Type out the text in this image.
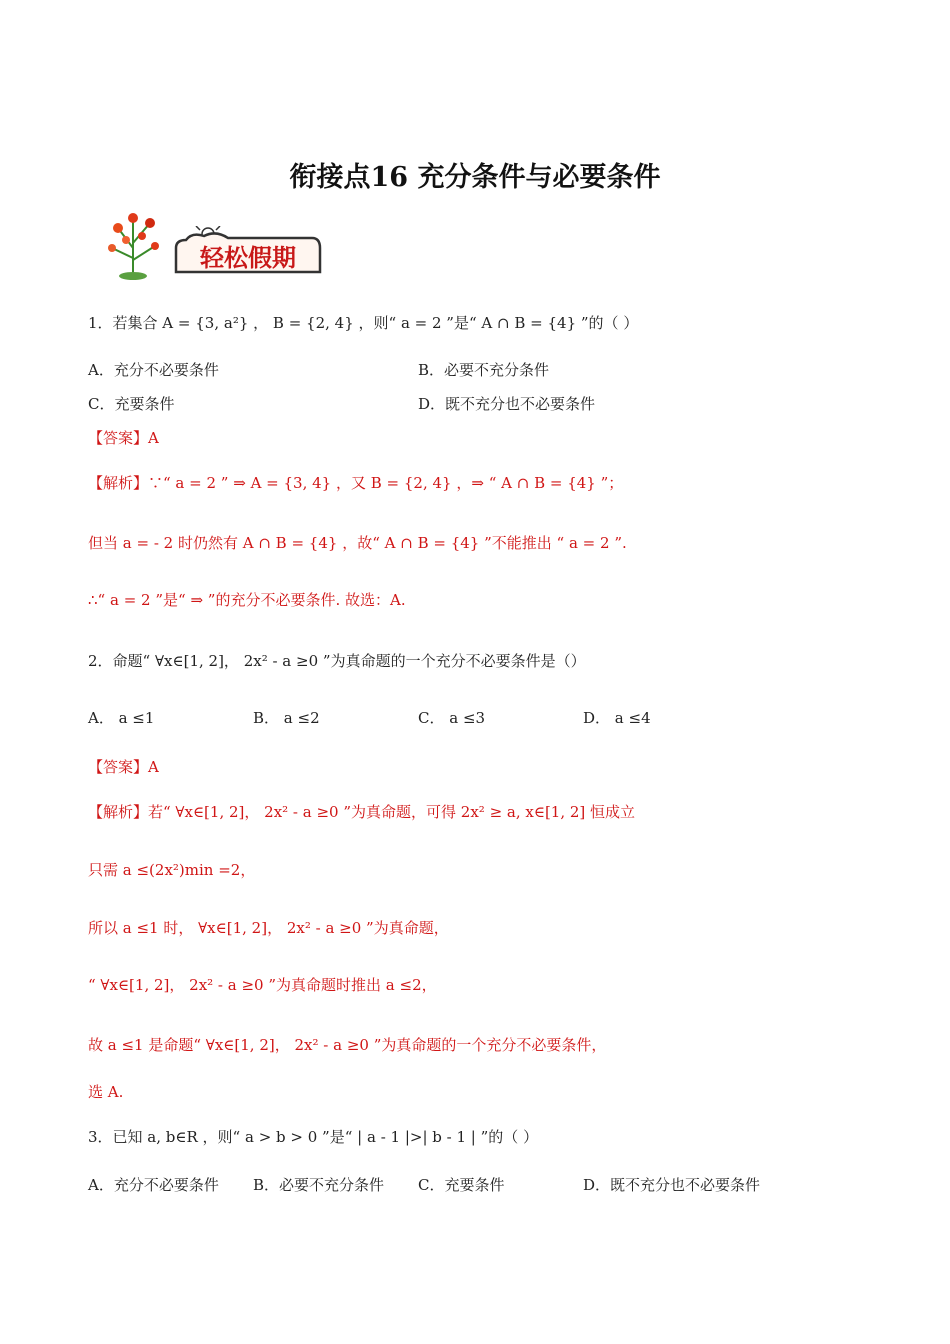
衔接点16 充分条件与必要条件
轻松假期
1．若集合 A = {3, a²} ， B = {2, 4} ，则“ a = 2 ”是“ A ∩ B = {4} ”的（ ）
A．充分不必要条件	B．必要不充分条件
C．充要条件	D．既不充分也不必要条件
【答案】A
【解析】∵“ a = 2 ” ⇒ A = {3, 4} ，又 B = {2, 4} ，⇒ “ A ∩ B = {4} ”；
但当 a = - 2 时仍然有 A ∩ B = {4} ，故“ A ∩ B = {4} ”不能推出 “ a = 2 ”.
∴“ a = 2 ”是“ ⇒ ”的充分不必要条件. 故选：A.
2．命题“ ∀x∈[1, 2]， 2x² - a ≥0 ”为真命题的一个充分不必要条件是（）
A． a ≤1	B． a ≤2	C． a ≤3	D． a ≤4
【答案】A
【解析】若“ ∀x∈[1, 2]， 2x² - a ≥0 ”为真命题，可得 2x² ≥ a, x∈[1, 2] 恒成立
只需 a ≤(2x²)min =2，
所以 a ≤1 时， ∀x∈[1, 2]， 2x² - a ≥0 ”为真命题，
“ ∀x∈[1, 2]， 2x² - a ≥0 ”为真命题时推出 a ≤2，
故 a ≤1 是命题“ ∀x∈[1, 2]， 2x² - a ≥0 ”为真命题的一个充分不必要条件，
选 A.
3．已知 a, b∈R ，则“ a > b > 0 ”是“ | a - 1 |>| b - 1 | ”的（ ）
A．充分不必要条件 B．必要不充分条件 C．充要条件	D．既不充分也不必要条件
